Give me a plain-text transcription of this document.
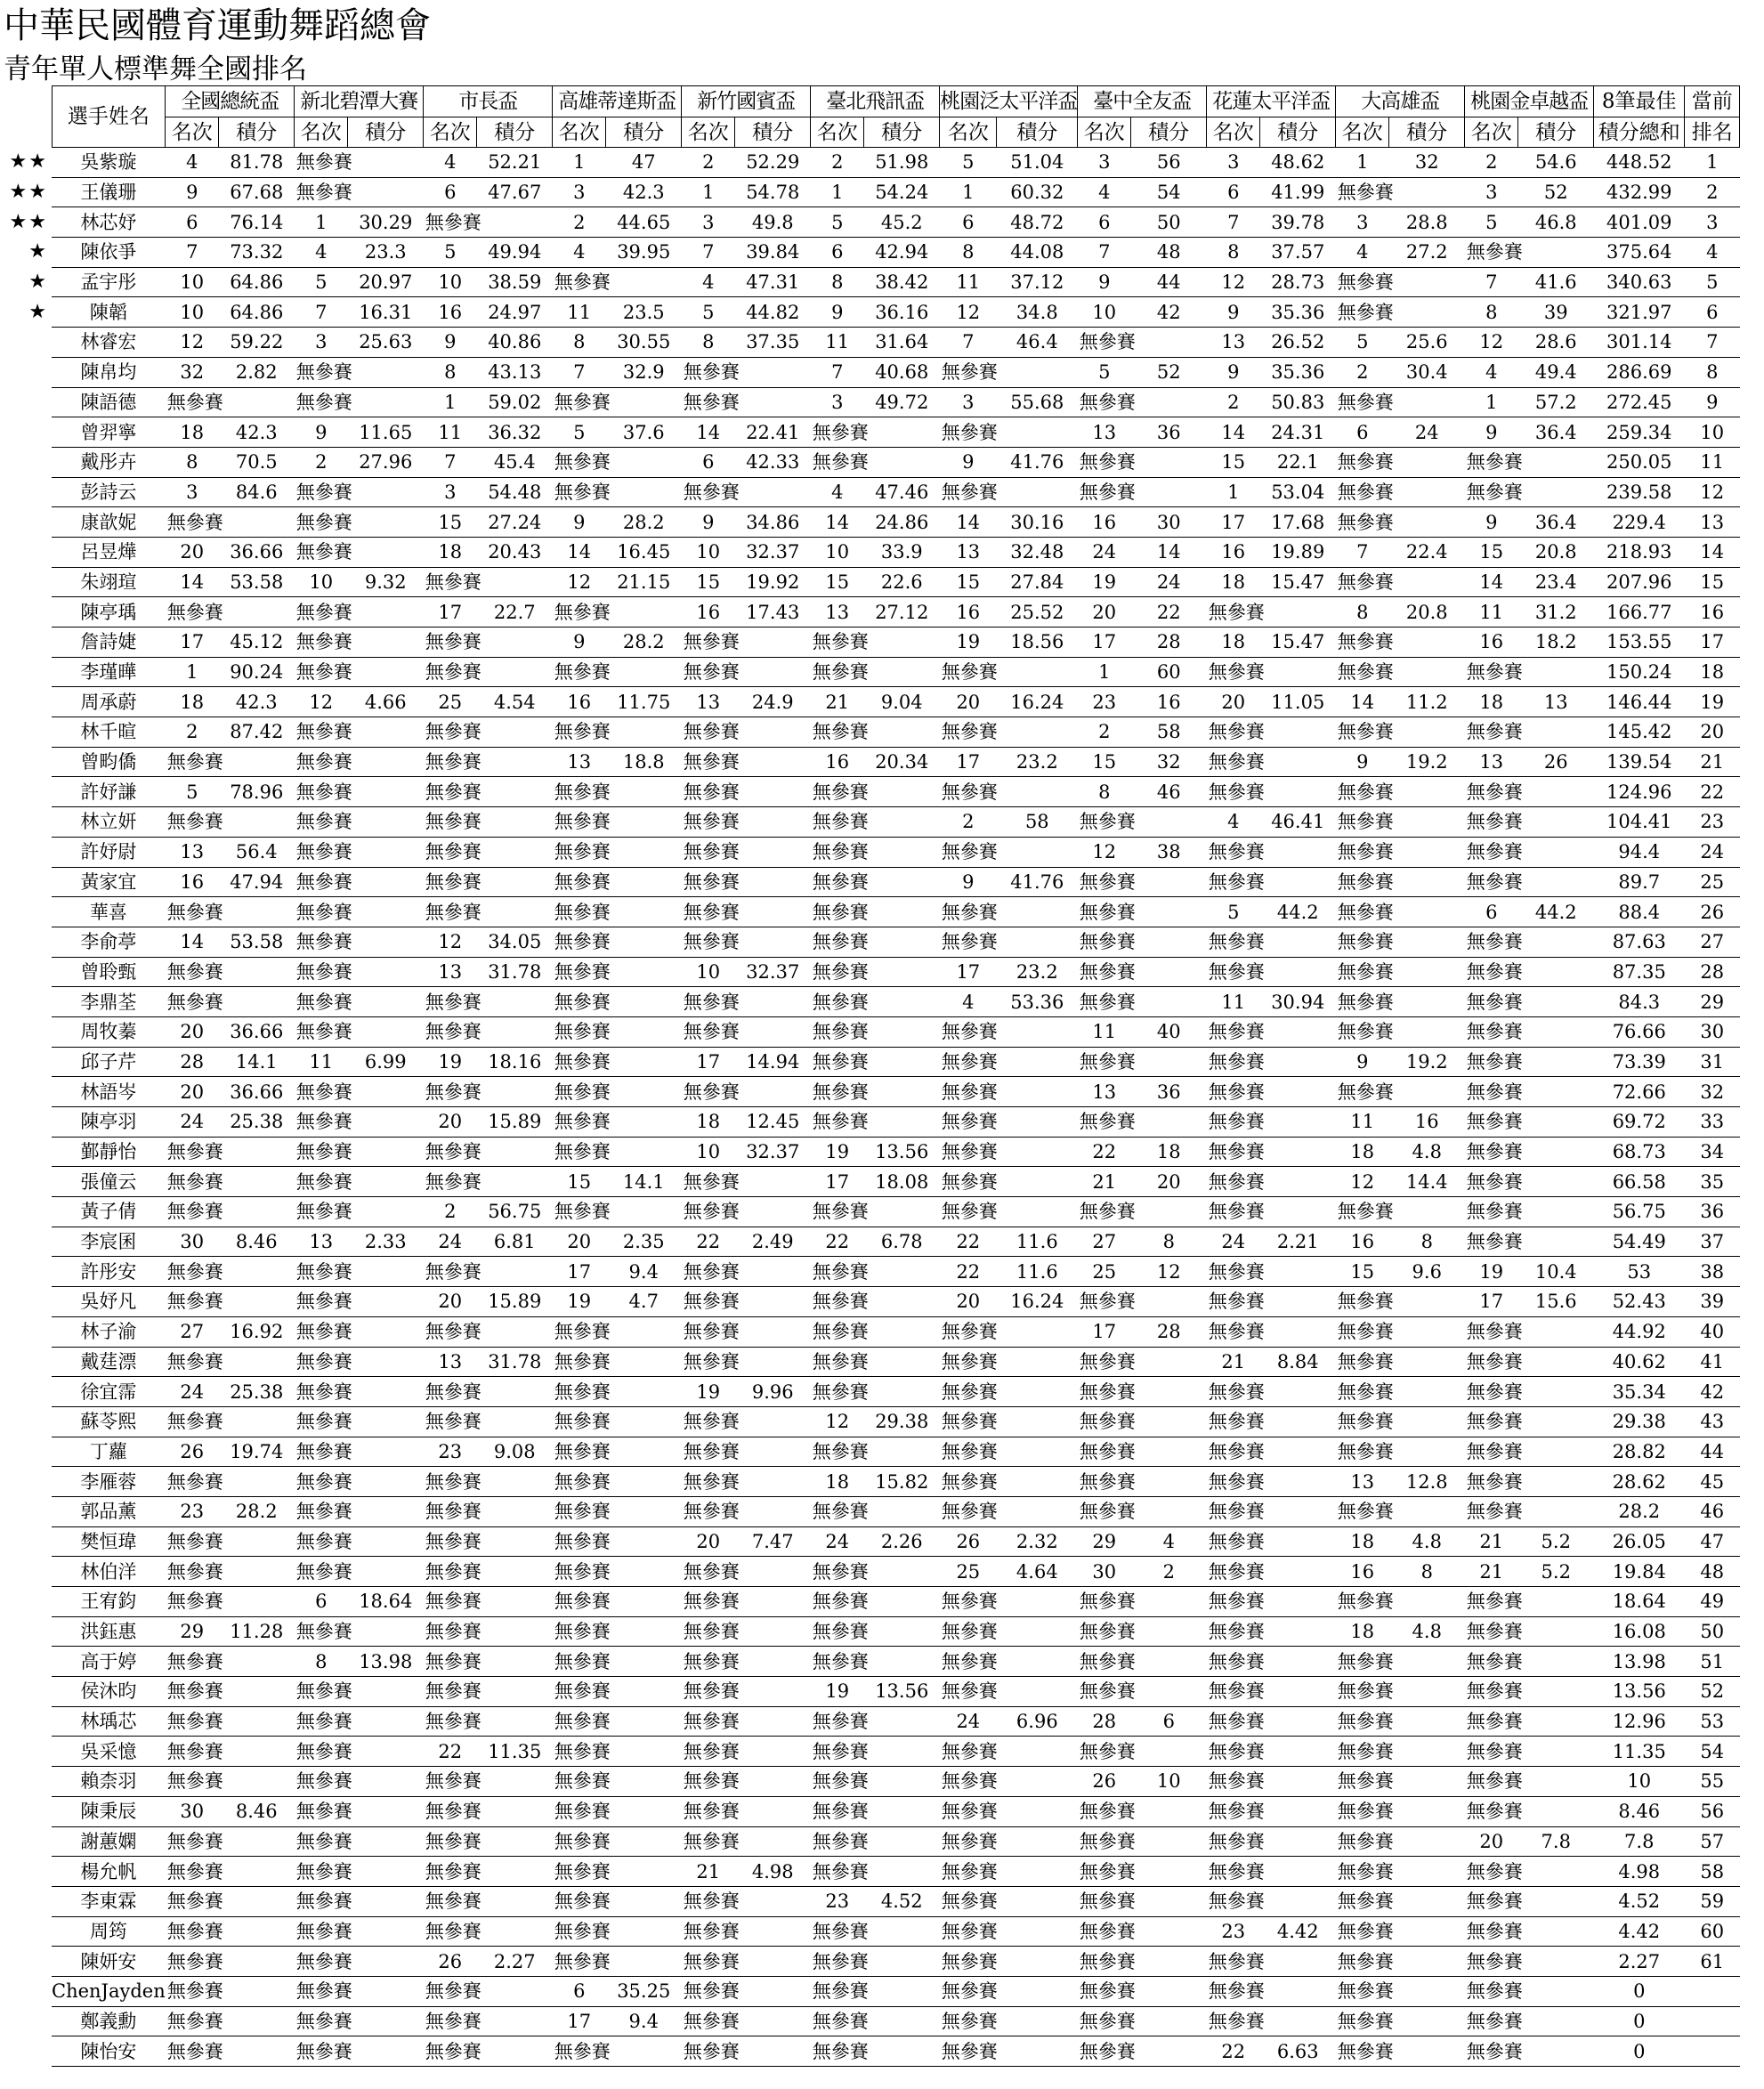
中華民國體育運動舞蹈總會
青年單人標準舞全國排名
	選手姓名	全國總統盃		新北碧潭大賽		市長盃		高雄蒂達斯盃		新竹國賓盃		臺北飛訊盃		桃園泛太平洋盃		臺中全友盃		花蓮太平洋盃		大高雄盃		桃園金卓越盃		8筆最佳	當前
		名次	積分	名次	積分	名次	積分	名次	積分	名次	積分	名次	積分	名次	積分	名次	積分	名次	積分	名次	積分	名次	積分	積分總和	排名
★★	吳紫璇	4	81.78	無參賽		4	52.21	1	47	2	52.29	2	51.98	5	51.04	3	56	3	48.62	1	32	2	54.6	448.52	1
★★	王儀珊	9	67.68	無參賽		6	47.67	3	42.3	1	54.78	1	54.24	1	60.32	4	54	6	41.99	無參賽		3	52	432.99	2
★★	林芯妤	6	76.14	1	30.29	無參賽		2	44.65	3	49.8	5	45.2	6	48.72	6	50	7	39.78	3	28.8	5	46.8	401.09	3
★	陳依爭	7	73.32	4	23.3	5	49.94	4	39.95	7	39.84	6	42.94	8	44.08	7	48	8	37.57	4	27.2	無參賽		375.64	4
★	孟宇彤	10	64.86	5	20.97	10	38.59	無參賽		4	47.31	8	38.42	11	37.12	9	44	12	28.73	無參賽		7	41.6	340.63	5
★	陳韜	10	64.86	7	16.31	16	24.97	11	23.5	5	44.82	9	36.16	12	34.8	10	42	9	35.36	無參賽		8	39	321.97	6
	林睿宏	12	59.22	3	25.63	9	40.86	8	30.55	8	37.35	11	31.64	7	46.4	無參賽		13	26.52	5	25.6	12	28.6	301.14	7
	陳帛均	32	2.82	無參賽		8	43.13	7	32.9	無參賽		7	40.68	無參賽		5	52	9	35.36	2	30.4	4	49.4	286.69	8
	陳語德	無參賽		無參賽		1	59.02	無參賽		無參賽		3	49.72	3	55.68	無參賽		2	50.83	無參賽		1	57.2	272.45	9
	曾羿寧	18	42.3	9	11.65	11	36.32	5	37.6	14	22.41	無參賽		無參賽		13	36	14	24.31	6	24	9	36.4	259.34	10
	戴彤卉	8	70.5	2	27.96	7	45.4	無參賽		6	42.33	無參賽		9	41.76	無參賽		15	22.1	無參賽		無參賽		250.05	11
	彭詩云	3	84.6	無參賽		3	54.48	無參賽		無參賽		4	47.46	無參賽		無參賽		1	53.04	無參賽		無參賽		239.58	12
	康歆妮	無參賽		無參賽		15	27.24	9	28.2	9	34.86	14	24.86	14	30.16	16	30	17	17.68	無參賽		9	36.4	229.4	13
	呂昱燁	20	36.66	無參賽		18	20.43	14	16.45	10	32.37	10	33.9	13	32.48	24	14	16	19.89	7	22.4	15	20.8	218.93	14
	朱翊瑄	14	53.58	10	9.32	無參賽		12	21.15	15	19.92	15	22.6	15	27.84	19	24	18	15.47	無參賽		14	23.4	207.96	15
	陳亭瑀	無參賽		無參賽		17	22.7	無參賽		16	17.43	13	27.12	16	25.52	20	22	無參賽		8	20.8	11	31.2	166.77	16
	詹詩婕	17	45.12	無參賽		無參賽		9	28.2	無參賽		無參賽		19	18.56	17	28	18	15.47	無參賽		16	18.2	153.55	17
	李瑾曄	1	90.24	無參賽		無參賽		無參賽		無參賽		無參賽		無參賽		1	60	無參賽		無參賽		無參賽		150.24	18
	周承蔚	18	42.3	12	4.66	25	4.54	16	11.75	13	24.9	21	9.04	20	16.24	23	16	20	11.05	14	11.2	18	13	146.44	19
	林千暄	2	87.42	無參賽		無參賽		無參賽		無參賽		無參賽		無參賽		2	58	無參賽		無參賽		無參賽		145.42	20
	曾畇僑	無參賽		無參賽		無參賽		13	18.8	無參賽		16	20.34	17	23.2	15	32	無參賽		9	19.2	13	26	139.54	21
	許妤謙	5	78.96	無參賽		無參賽		無參賽		無參賽		無參賽		無參賽		8	46	無參賽		無參賽		無參賽		124.96	22
	林立妍	無參賽		無參賽		無參賽		無參賽		無參賽		無參賽		2	58	無參賽		4	46.41	無參賽		無參賽		104.41	23
	許妤尉	13	56.4	無參賽		無參賽		無參賽		無參賽		無參賽		無參賽		12	38	無參賽		無參賽		無參賽		94.4	24
	黃家宜	16	47.94	無參賽		無參賽		無參賽		無參賽		無參賽		9	41.76	無參賽		無參賽		無參賽		無參賽		89.7	25
	華喜	無參賽		無參賽		無參賽		無參賽		無參賽		無參賽		無參賽		無參賽		5	44.2	無參賽		6	44.2	88.4	26
	李俞葶	14	53.58	無參賽		12	34.05	無參賽		無參賽		無參賽		無參賽		無參賽		無參賽		無參賽		無參賽		87.63	27
	曾聆甄	無參賽		無參賽		13	31.78	無參賽		10	32.37	無參賽		17	23.2	無參賽		無參賽		無參賽		無參賽		87.35	28
	李鼎荃	無參賽		無參賽		無參賽		無參賽		無參賽		無參賽		4	53.36	無參賽		11	30.94	無參賽		無參賽		84.3	29
	周牧蓁	20	36.66	無參賽		無參賽		無參賽		無參賽		無參賽		無參賽		11	40	無參賽		無參賽		無參賽		76.66	30
	邱子芹	28	14.1	11	6.99	19	18.16	無參賽		17	14.94	無參賽		無參賽		無參賽		無參賽		9	19.2	無參賽		73.39	31
	林語岑	20	36.66	無參賽		無參賽		無參賽		無參賽		無參賽		無參賽		13	36	無參賽		無參賽		無參賽		72.66	32
	陳亭羽	24	25.38	無參賽		20	15.89	無參賽		18	12.45	無參賽		無參賽		無參賽		無參賽		11	16	無參賽		69.72	33
	鄞靜怡	無參賽		無參賽		無參賽		無參賽		10	32.37	19	13.56	無參賽		22	18	無參賽		18	4.8	無參賽		68.73	34
	張僮云	無參賽		無參賽		無參賽		15	14.1	無參賽		17	18.08	無參賽		21	20	無參賽		12	14.4	無參賽		66.58	35
	黃子倩	無參賽		無參賽		2	56.75	無參賽		無參賽		無參賽		無參賽		無參賽		無參賽		無參賽		無參賽		56.75	36
	李宸囷	30	8.46	13	2.33	24	6.81	20	2.35	22	2.49	22	6.78	22	11.6	27	8	24	2.21	16	8	無參賽		54.49	37
	許彤安	無參賽		無參賽		無參賽		17	9.4	無參賽		無參賽		22	11.6	25	12	無參賽		15	9.6	19	10.4	53	38
	吳妤凡	無參賽		無參賽		20	15.89	19	4.7	無參賽		無參賽		20	16.24	無參賽		無參賽		無參賽		17	15.6	52.43	39
	林子渝	27	16.92	無參賽		無參賽		無參賽		無參賽		無參賽		無參賽		17	28	無參賽		無參賽		無參賽		44.92	40
	戴莛漂	無參賽		無參賽		13	31.78	無參賽		無參賽		無參賽		無參賽		無參賽		21	8.84	無參賽		無參賽		40.62	41
	徐宜霈	24	25.38	無參賽		無參賽		無參賽		19	9.96	無參賽		無參賽		無參賽		無參賽		無參賽		無參賽		35.34	42
	蘇苓熙	無參賽		無參賽		無參賽		無參賽		無參賽		12	29.38	無參賽		無參賽		無參賽		無參賽		無參賽		29.38	43
	丁蘿	26	19.74	無參賽		23	9.08	無參賽		無參賽		無參賽		無參賽		無參賽		無參賽		無參賽		無參賽		28.82	44
	李雁蓉	無參賽		無參賽		無參賽		無參賽		無參賽		18	15.82	無參賽		無參賽		無參賽		13	12.8	無參賽		28.62	45
	郭品薰	23	28.2	無參賽		無參賽		無參賽		無參賽		無參賽		無參賽		無參賽		無參賽		無參賽		無參賽		28.2	46
	樊恒瑋	無參賽		無參賽		無參賽		無參賽		20	7.47	24	2.26	26	2.32	29	4	無參賽		18	4.8	21	5.2	26.05	47
	林伯洋	無參賽		無參賽		無參賽		無參賽		無參賽		無參賽		25	4.64	30	2	無參賽		16	8	21	5.2	19.84	48
	王宥鈞	無參賽		6	18.64	無參賽		無參賽		無參賽		無參賽		無參賽		無參賽		無參賽		無參賽		無參賽		18.64	49
	洪鈺惠	29	11.28	無參賽		無參賽		無參賽		無參賽		無參賽		無參賽		無參賽		無參賽		18	4.8	無參賽		16.08	50
	高于婷	無參賽		8	13.98	無參賽		無參賽		無參賽		無參賽		無參賽		無參賽		無參賽		無參賽		無參賽		13.98	51
	侯沐昀	無參賽		無參賽		無參賽		無參賽		無參賽		19	13.56	無參賽		無參賽		無參賽		無參賽		無參賽		13.56	52
	林瑀芯	無參賽		無參賽		無參賽		無參賽		無參賽		無參賽		24	6.96	28	6	無參賽		無參賽		無參賽		12.96	53
	吳采憶	無參賽		無參賽		22	11.35	無參賽		無參賽		無參賽		無參賽		無參賽		無參賽		無參賽		無參賽		11.35	54
	賴柰羽	無參賽		無參賽		無參賽		無參賽		無參賽		無參賽		無參賽		26	10	無參賽		無參賽		無參賽		10	55
	陳秉辰	30	8.46	無參賽		無參賽		無參賽		無參賽		無參賽		無參賽		無參賽		無參賽		無參賽		無參賽		8.46	56
	謝蕙嫻	無參賽		無參賽		無參賽		無參賽		無參賽		無參賽		無參賽		無參賽		無參賽		無參賽		20	7.8	7.8	57
	楊允帆	無參賽		無參賽		無參賽		無參賽		21	4.98	無參賽		無參賽		無參賽		無參賽		無參賽		無參賽		4.98	58
	李東霖	無參賽		無參賽		無參賽		無參賽		無參賽		23	4.52	無參賽		無參賽		無參賽		無參賽		無參賽		4.52	59
	周筠	無參賽		無參賽		無參賽		無參賽		無參賽		無參賽		無參賽		無參賽		23	4.42	無參賽		無參賽		4.42	60
	陳妍安	無參賽		無參賽		26	2.27	無參賽		無參賽		無參賽		無參賽		無參賽		無參賽		無參賽		無參賽		2.27	61
	ChenJayden	無參賽		無參賽		無參賽		6	35.25	無參賽		無參賽		無參賽		無參賽		無參賽		無參賽		無參賽		0	
	鄭義勳	無參賽		無參賽		無參賽		17	9.4	無參賽		無參賽		無參賽		無參賽		無參賽		無參賽		無參賽		0	
	陳怡安	無參賽		無參賽		無參賽		無參賽		無參賽		無參賽		無參賽		無參賽		22	6.63	無參賽		無參賽		0	
